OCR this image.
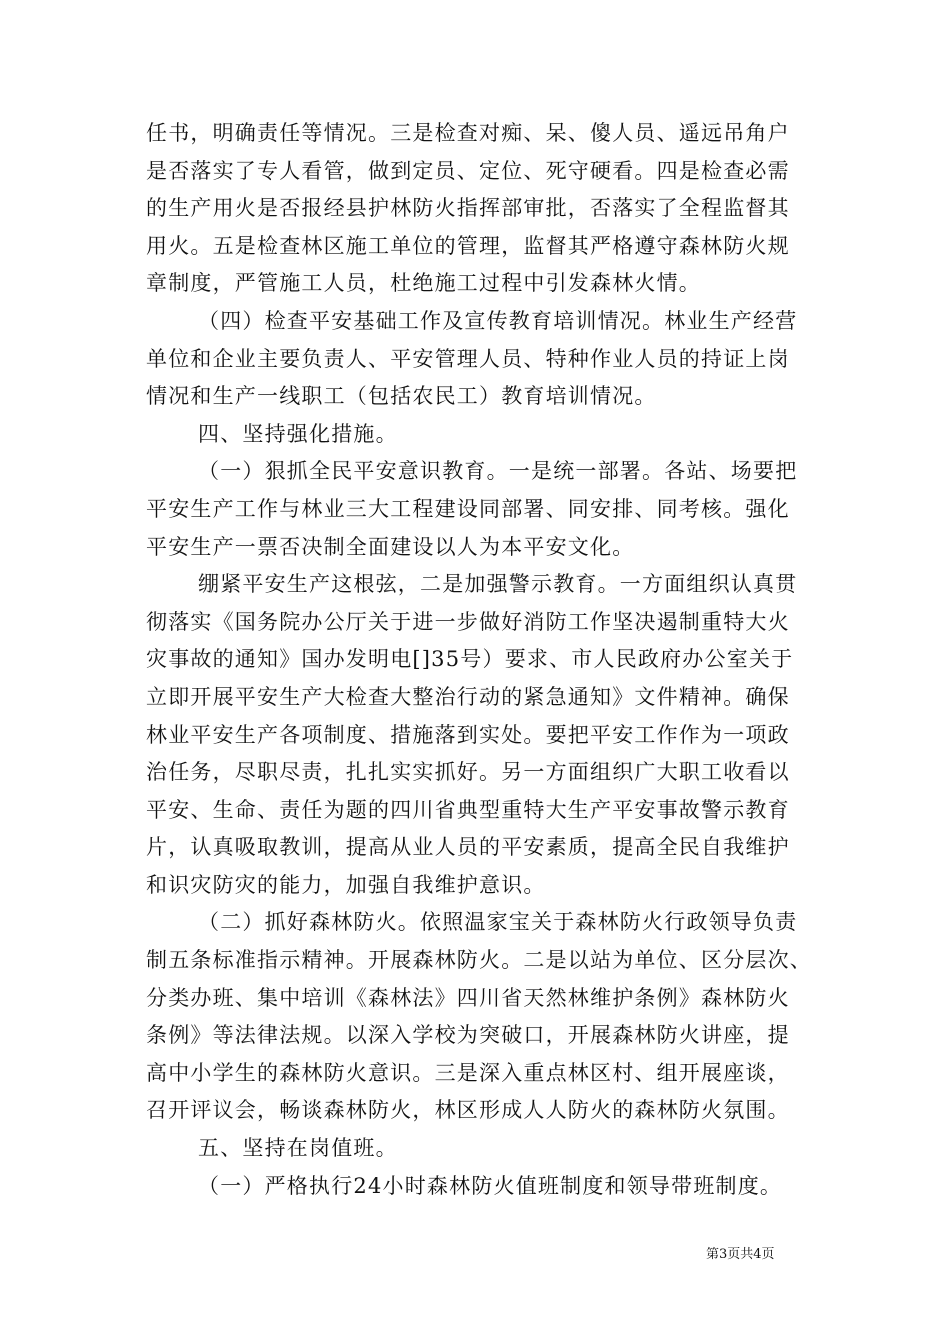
任书，明确责任等情况。三是检查对痴、呆、傻人员、遥远吊角户
是否落实了专人看管，做到定员、定位、死守硬看。四是检查必需
的生产用火是否报经县护林防火指挥部审批，否落实了全程监督其
用火。五是检查林区施工单位的管理，监督其严格遵守森林防火规
章制度，严管施工人员，杜绝施工过程中引发森林火情。
（四）检查平安基础工作及宣传教育培训情况。林业生产经营
单位和企业主要负责人、平安管理人员、特种作业人员的持证上岗
情况和生产一线职工（包括农民工）教育培训情况。
四、坚持强化措施。
（一）狠抓全民平安意识教育。一是统一部署。各站、场要把
平安生产工作与林业三大工程建设同部署、同安排、同考核。强化
平安生产一票否决制全面建设以人为本平安文化。
绷紧平安生产这根弦，二是加强警示教育。一方面组织认真贯
彻落实《国务院办公厅关于进一步做好消防工作坚决遏制重特大火
灾事故的通知》国办发明电[]35号）要求、市人民政府办公室关于
立即开展平安生产大检查大整治行动的紧急通知》文件精神。确保
林业平安生产各项制度、措施落到实处。要把平安工作作为一项政
治任务，尽职尽责，扎扎实实抓好。另一方面组织广大职工收看以
平安、生命、责任为题的四川省典型重特大生产平安事故警示教育
片，认真吸取教训，提高从业人员的平安素质，提高全民自我维护
和识灾防灾的能力，加强自我维护意识。
（二）抓好森林防火。依照温家宝关于森林防火行政领导负责
制五条标准指示精神。开展森林防火。二是以站为单位、区分层次、
分类办班、集中培训《森林法》四川省天然林维护条例》森林防火
条例》等法律法规。以深入学校为突破口，开展森林防火讲座，提
高中小学生的森林防火意识。三是深入重点林区村、组开展座谈，
召开评议会，畅谈森林防火，林区形成人人防火的森林防火氛围。
五、坚持在岗值班。
（一）严格执行24小时森林防火值班制度和领导带班制度。
第3页共4页
